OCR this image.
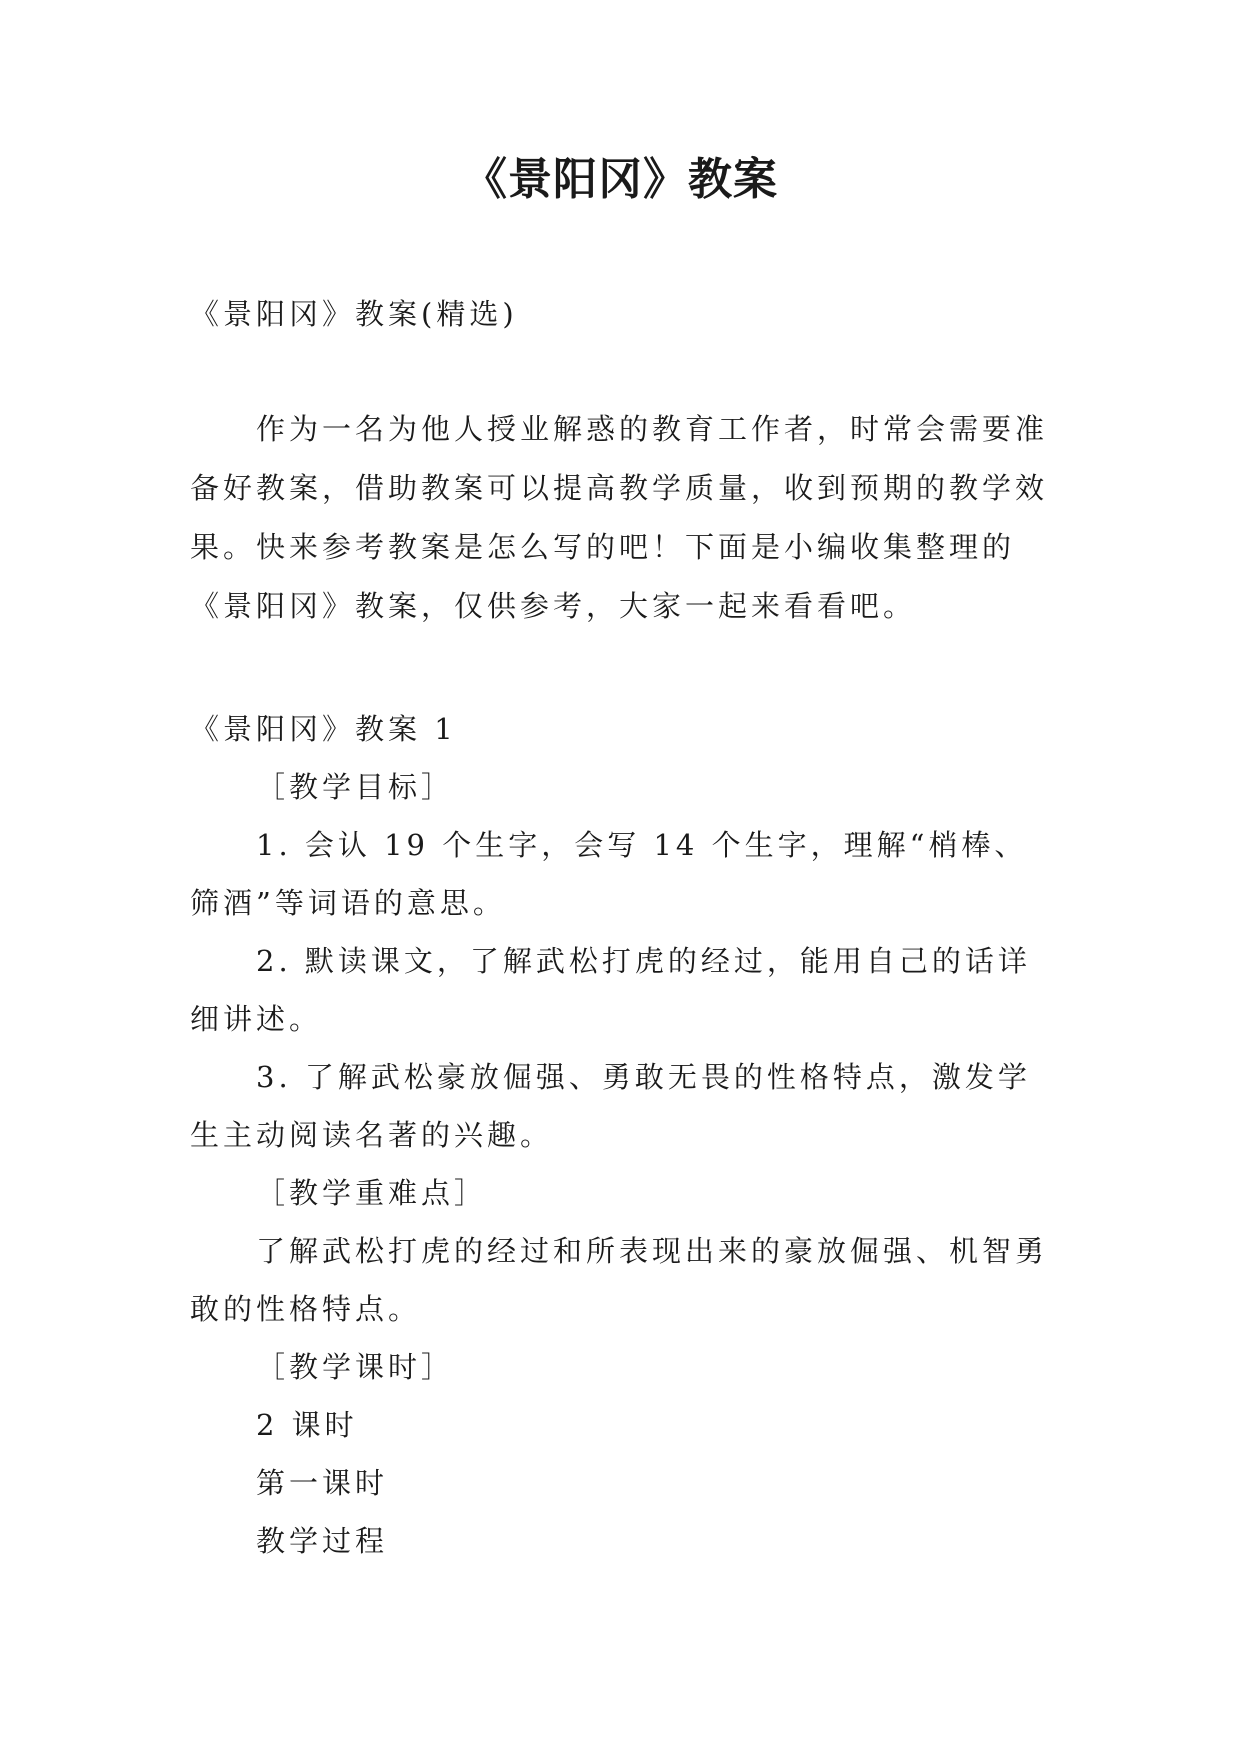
《景阳冈》教案
《景阳冈》教案(精选)
作为一名为他人授业解惑的教育工作者，时常会需要准备好教案，借助教案可以提高教学质量，收到预期的教学效果。快来参考教案是怎么写的吧！下面是小编收集整理的《景阳冈》教案，仅供参考，大家一起来看看吧。

《景阳冈》教案 1

［教学目标］

1. 会认 19 个生字，会写 14 个生字，理解“梢棒、筛酒”等词语的意思。

2. 默读课文，了解武松打虎的经过，能用自己的话详细讲述。

3. 了解武松豪放倔强、勇敢无畏的性格特点，激发学生主动阅读名著的兴趣。

［教学重难点］

了解武松打虎的经过和所表现出来的豪放倔强、机智勇敢的性格特点。

［教学课时］

2 课时

第一课时

教学过程
